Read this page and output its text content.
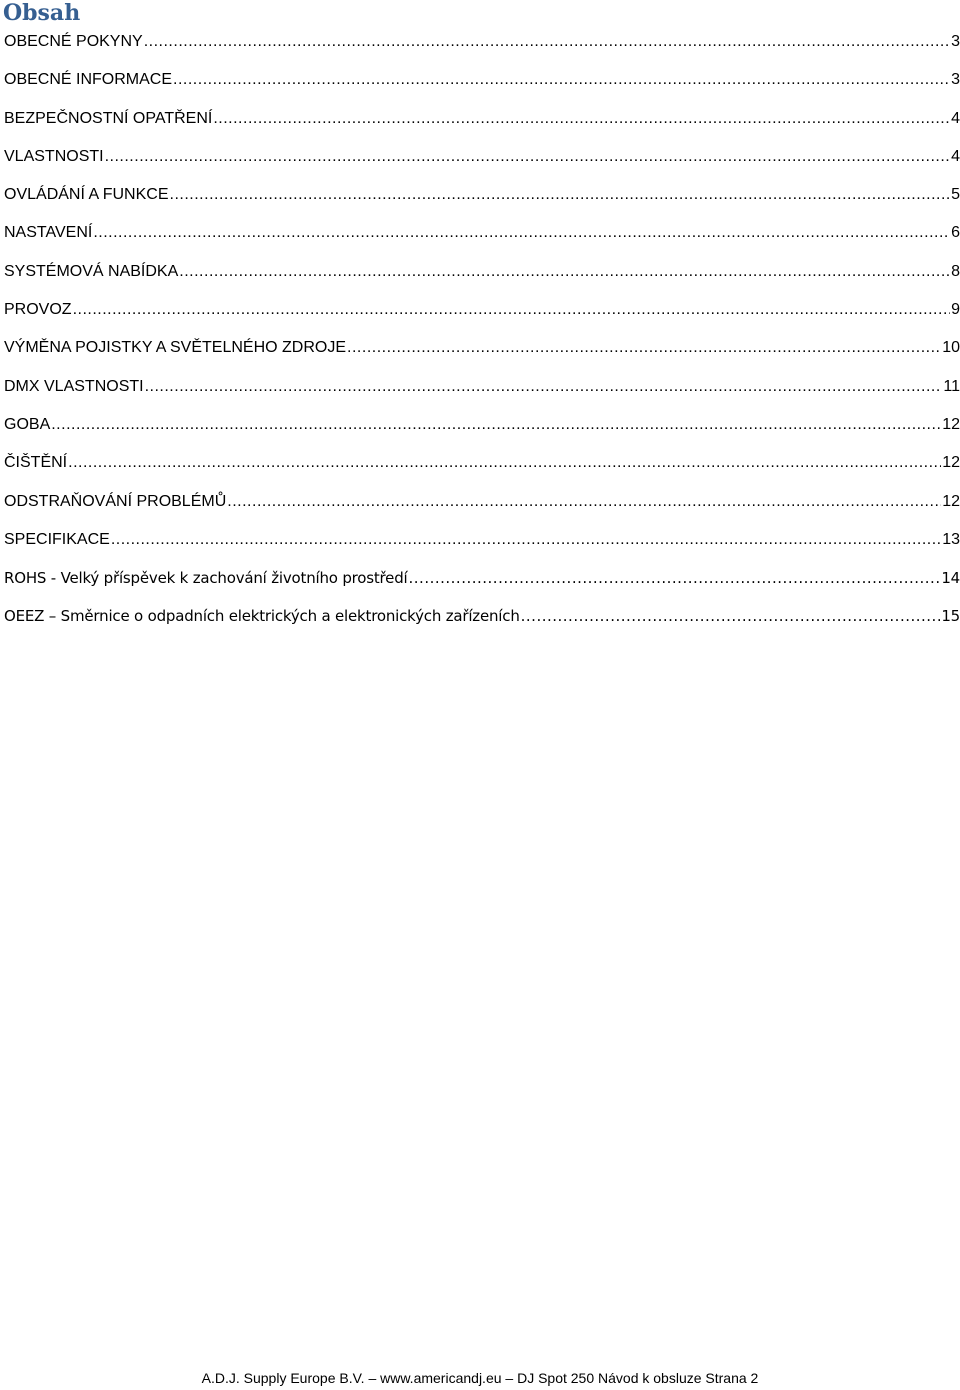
Obsah
OBECNÉ POKYNY .....	3
OBECNÉ INFORMACE .....	3
BEZPEČNOSTNÍ OPATŘENÍ .....	4
VLASTNOSTI .....	4
OVLÁDÁNÍ A FUNKCE .....	5
NASTAVENÍ .....	6
SYSTÉMOVÁ NABÍDKA .....	8
PROVOZ .....	9
VÝMĚNA POJISTKY A SVĚTELNÉHO ZDROJE .....	10
DMX VLASTNOSTI .....	11
GOBA .....	12
ČIŠTĚNÍ .....	12
ODSTRAŇOVÁNÍ PROBLÉMŮ .....	12
SPECIFIKACE .....	13
ROHS - Velký příspěvek k zachování životního prostředí .....	14
OEEZ – Směrnice o odpadních elektrických a elektronických zařízeních .....	15
A.D.J. Supply Europe B.V. – www.americandj.eu – DJ Spot 250 Návod k obsluze Strana 2
